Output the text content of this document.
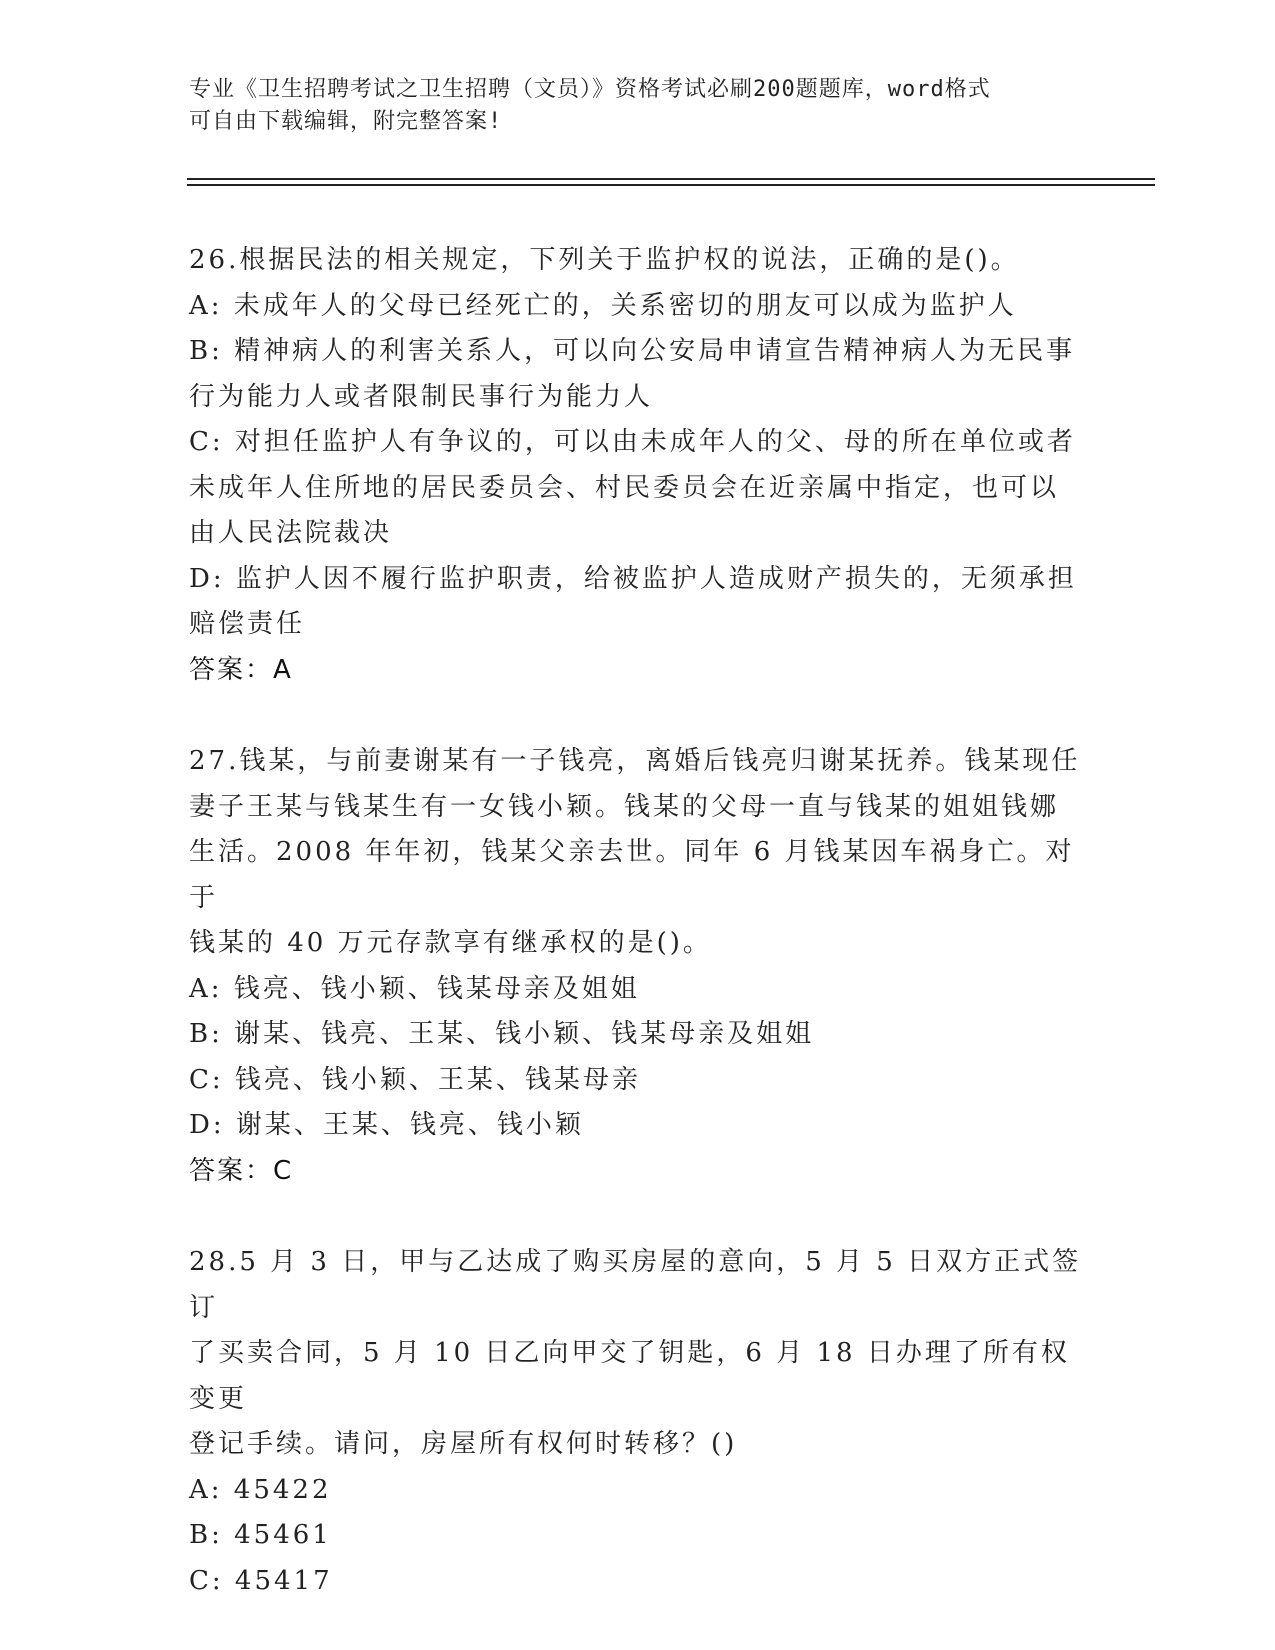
专业《卫生招聘考试之卫生招聘（文员）》资格考试必刷200题题库，word格式
可自由下载编辑，附完整答案!
26.根据民法的相关规定，下列关于监护权的说法，正确的是()。
A: 未成年人的父母已经死亡的，关系密切的朋友可以成为监护人
B: 精神病人的利害关系人，可以向公安局申请宣告精神病人为无民事
行为能力人或者限制民事行为能力人
C: 对担任监护人有争议的，可以由未成年人的父、母的所在单位或者
未成年人住所地的居民委员会、村民委员会在近亲属中指定，也可以
由人民法院裁决
D: 监护人因不履行监护职责，给被监护人造成财产损失的，无须承担
赔偿责任
答案：A
27.钱某，与前妻谢某有一子钱亮，离婚后钱亮归谢某抚养。钱某现任
妻子王某与钱某生有一女钱小颖。钱某的父母一直与钱某的姐姐钱娜
生活。2008 年年初，钱某父亲去世。同年 6 月钱某因车祸身亡。对于
钱某的 40 万元存款享有继承权的是()。
A: 钱亮、钱小颖、钱某母亲及姐姐
B: 谢某、钱亮、王某、钱小颖、钱某母亲及姐姐
C: 钱亮、钱小颖、王某、钱某母亲
D: 谢某、王某、钱亮、钱小颖
答案：C
28.5 月 3 日，甲与乙达成了购买房屋的意向，5 月 5 日双方正式签订
了买卖合同，5 月 10 日乙向甲交了钥匙，6 月 18 日办理了所有权变更
登记手续。请问，房屋所有权何时转移？()
A: 45422
B: 45461
C: 45417
